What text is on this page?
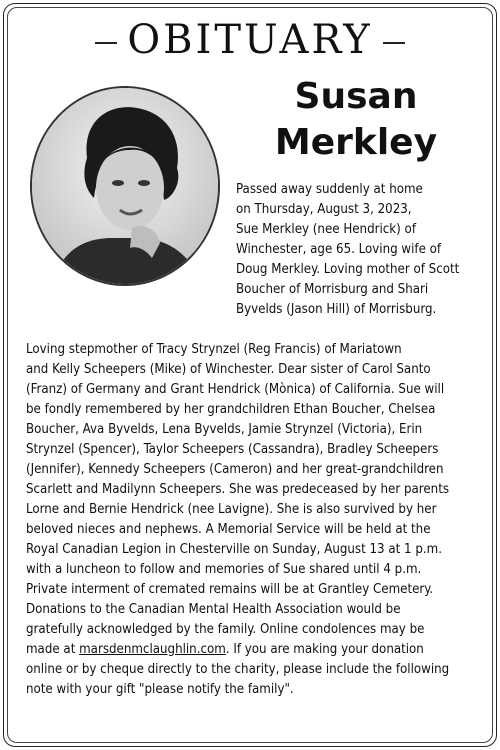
OBITUARY
Susan
Merkley

Passed away suddenly at home

on Thursday, August 3, 2023,

Sue Merkley (nee Hendrick) of

Winchester, age 65. Loving wife of

Doug Merkley. Loving mother of Scott

Boucher of Morrisburg and Shari

Byvelds (Jason Hill) of Morrisburg.

Loving stepmother of Tracy Strynzel (Reg Francis) of Mariatown

and Kelly Scheepers (Mike) of Winchester. Dear sister of Carol Santo

(Franz) of Germany and Grant Hendrick (Mònica) of California. Sue will

be fondly remembered by her grandchildren Ethan Boucher, Chelsea

Boucher, Ava Byvelds, Lena Byvelds, Jamie Strynzel (Victoria), Erin

Strynzel (Spencer), Taylor Scheepers (Cassandra), Bradley Scheepers

(Jennifer), Kennedy Scheepers (Cameron) and her great-grandchildren

Scarlett and Madilynn Scheepers. She was predeceased by her parents

Lorne and Bernie Hendrick (nee Lavigne). She is also survived by her

beloved nieces and nephews. A Memorial Service will be held at the

Royal Canadian Legion in Chesterville on Sunday, August 13 at 1 p.m.

with a luncheon to follow and memories of Sue shared until 4 p.m.

Private interment of cremated remains will be at Grantley Cemetery.

Donations to the Canadian Mental Health Association would be

gratefully acknowledged by the family. Online condolences may be

made at marsdenmclaughlin.com. If you are making your donation

online or by cheque directly to the charity, please include the following

note with your gift "please notify the family".
